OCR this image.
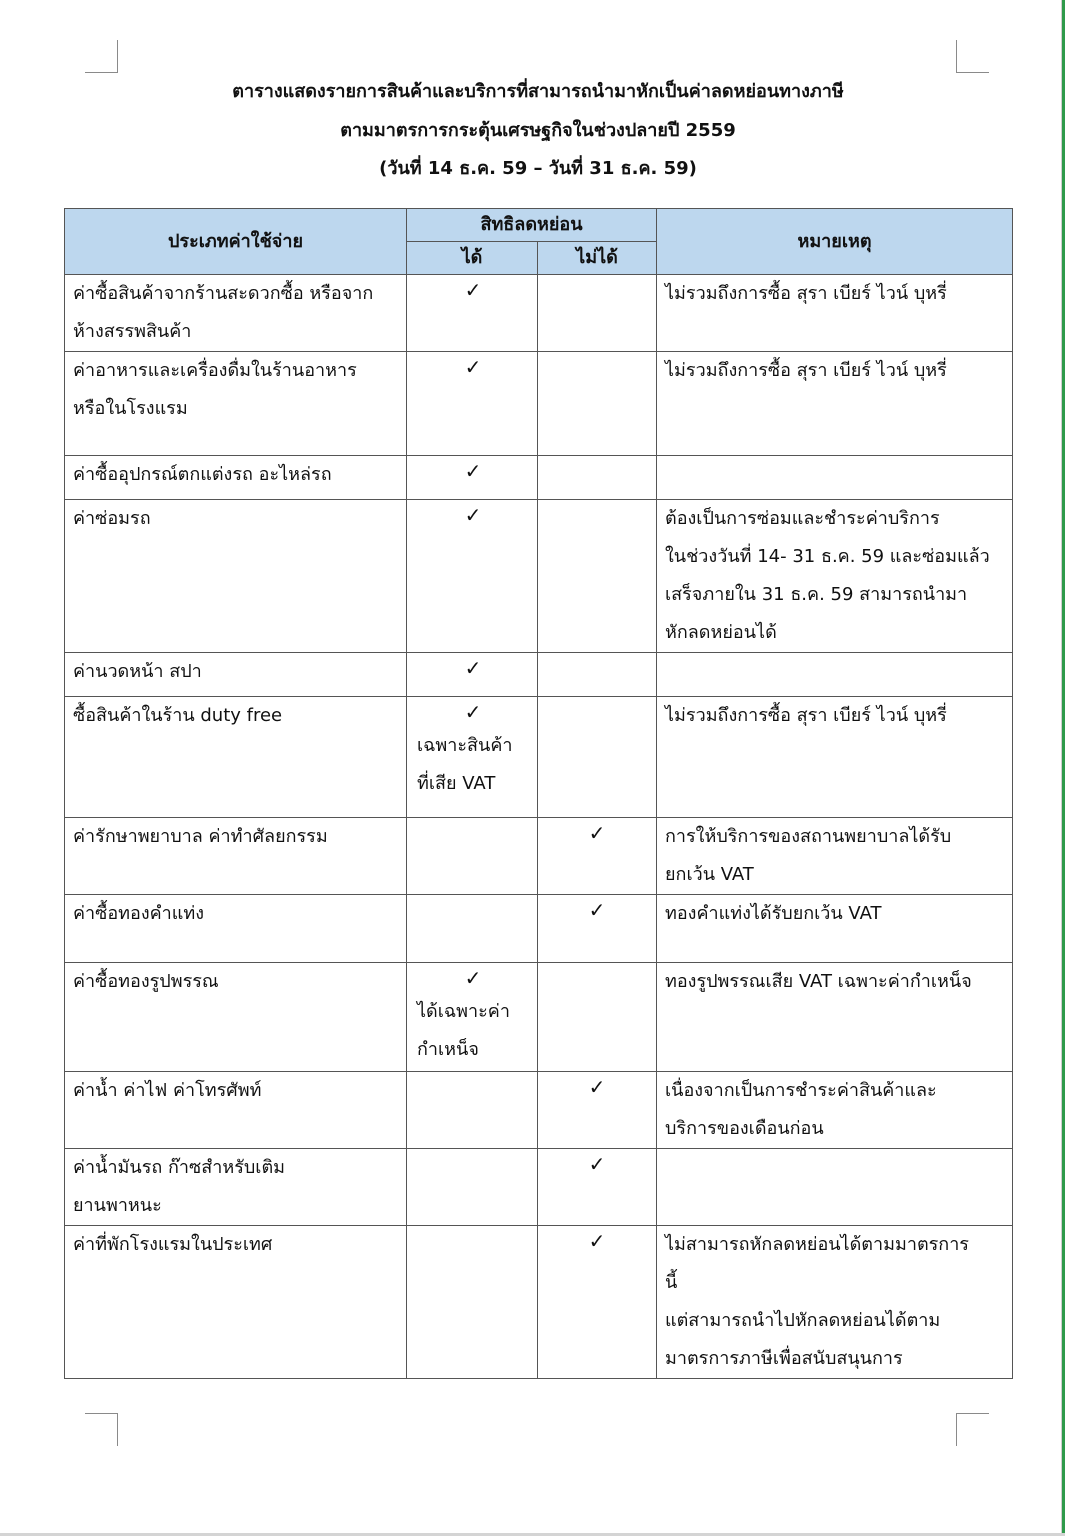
ตารางแสดงรายการสินค้าและบริการที่สามารถนำมาหักเป็นค่าลดหย่อนทางภาษี
ตามมาตรการกระตุ้นเศรษฐกิจในช่วงปลายปี 2559
(วันที่ 14 ธ.ค. 59 – วันที่ 31 ธ.ค. 59)
ประเภทค่าใช้จ่าย	สิทธิลดหย่อน		หมายเหตุ
	ได้	ไม่ได้	

ค่าซื้อสินค้าจากร้านสะดวกซื้อ หรือจาก
ห้างสรรพสินค้า	✓		ไม่รวมถึงการซื้อ สุรา เบียร์ ไวน์ บุหรี่

ค่าอาหารและเครื่องดื่มในร้านอาหาร
หรือในโรงแรม	✓		ไม่รวมถึงการซื้อ สุรา เบียร์ ไวน์ บุหรี่

ค่าซื้ออุปกรณ์ตกแต่งรถ อะไหล่รถ	✓		

ค่าซ่อมรถ	✓		ต้องเป็นการซ่อมและชำระค่าบริการ
ในช่วงวันที่ 14- 31 ธ.ค. 59 และซ่อมแล้ว
เสร็จภายใน 31 ธ.ค. 59 สามารถนำมา
หักลดหย่อนได้

ค่านวดหน้า สปา	✓		

ซื้อสินค้าในร้าน duty free	✓
เฉพาะสินค้า
ที่เสีย VAT		ไม่รวมถึงการซื้อ สุรา เบียร์ ไวน์ บุหรี่

ค่ารักษาพยาบาล ค่าทำศัลยกรรม		✓	การให้บริการของสถานพยาบาลได้รับ
ยกเว้น VAT

ค่าซื้อทองคำแท่ง		✓	ทองคำแท่งได้รับยกเว้น VAT

ค่าซื้อทองรูปพรรณ	✓
ได้เฉพาะค่า
กำเหน็จ		ทองรูปพรรณเสีย VAT เฉพาะค่ากำเหน็จ

ค่าน้ำ ค่าไฟ ค่าโทรศัพท์		✓	เนื่องจากเป็นการชำระค่าสินค้าและ
บริการของเดือนก่อน

ค่าน้ำมันรถ ก๊าซสำหรับเติม
ยานพาหนะ		✓	

ค่าที่พักโรงแรมในประเทศ		✓	ไม่สามารถหักลดหย่อนได้ตามมาตรการ
นี้
แต่สามารถนำไปหักลดหย่อนได้ตาม
มาตรการภาษีเพื่อสนับสนุนการ
